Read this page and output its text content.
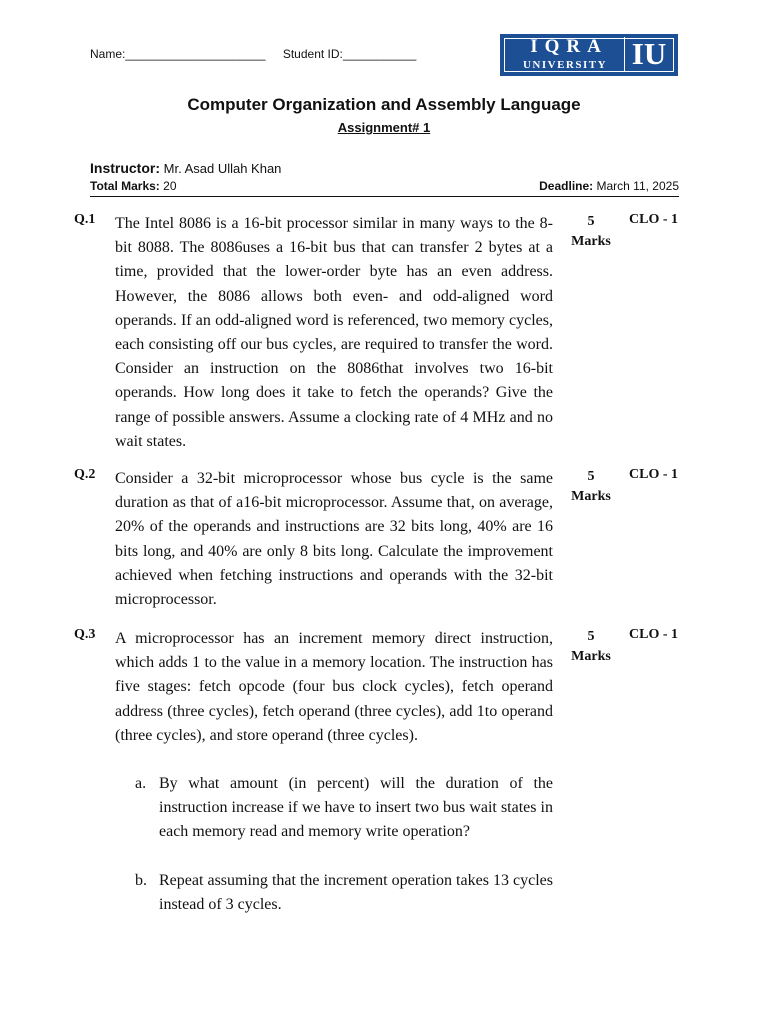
Name:_____________________ Student ID:___________	IQRA
UNIVERSITY IU
Computer Organization and Assembly Language
Assignment# 1
Instructor: Mr. Asad Ullah Khan
Total Marks: 20	Deadline: March 11, 2025
Q.1 The Intel 8086 is a 16-bit processor similar in many ways to the 8-bit 8088. The 8086uses a 16-bit bus that can transfer 2 bytes at a time, provided that the lower-order byte has an even address. However, the 8086 allows both even- and odd-aligned word operands. If an odd-aligned word is referenced, two memory cycles, each consisting off our bus cycles, are required to transfer the word. Consider an instruction on the 8086that involves two 16-bit operands. How long does it take to fetch the operands? Give the range of possible answers. Assume a clocking rate of 4 MHz and no wait states.
5
Marks
CLO - 1
Q.2 Consider a 32-bit microprocessor whose bus cycle is the same duration as that of a16-bit microprocessor. Assume that, on average, 20% of the operands and instructions are 32 bits long, 40% are 16 bits long, and 40% are only 8 bits long. Calculate the improvement achieved when fetching instructions and operands with the 32-bit microprocessor.
5
Marks
CLO - 1
Q.3 A microprocessor has an increment memory direct instruction, which adds 1 to the value in a memory location. The instruction has five stages: fetch opcode (four bus clock cycles), fetch operand address (three cycles), fetch operand (three cycles), add 1to operand (three cycles), and store operand (three cycles).
5
Marks
CLO - 1
a. By what amount (in percent) will the duration of the instruction increase if we have to insert two bus wait states in each memory read and memory write operation?
b. Repeat assuming that the increment operation takes 13 cycles instead of 3 cycles.
